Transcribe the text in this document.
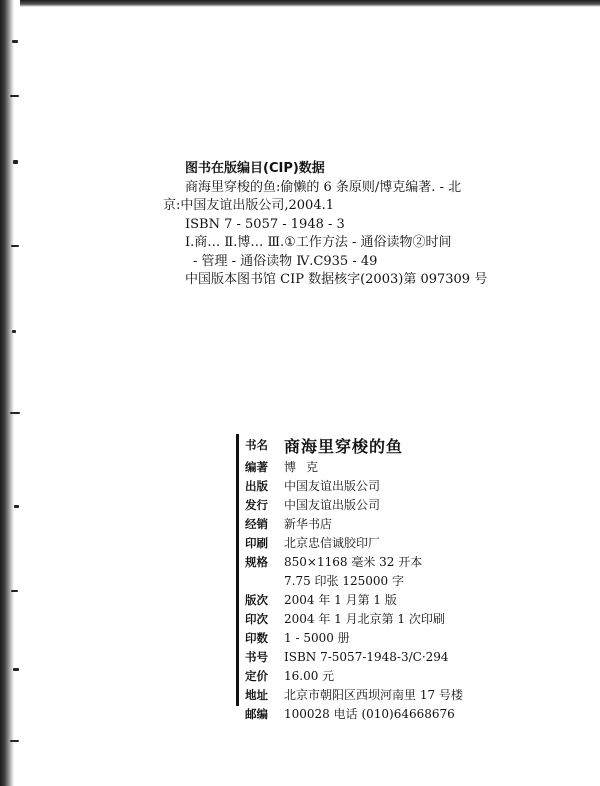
图书在版编目(CIP)数据
商海里穿梭的鱼:偷懒的 6 条原则/博克编著. - 北
京:中国友谊出版公司,2004.1
ISBN 7 - 5057 - 1948 - 3
Ⅰ.商… Ⅱ.博… Ⅲ.①工作方法 - 通俗读物②时间
- 管理 - 通俗读物 Ⅳ.C935 - 49
中国版本图书馆 CIP 数据核字(2003)第 097309 号
书名	商海里穿梭的鱼
编著	博克
出版	中国友谊出版公司
发行	中国友谊出版公司
经销	新华书店
印刷	北京忠信诚胶印厂
规格	850×1168 毫米 32 开本
7.75 印张 125000 字
版次	2004 年 1 月第 1 版
印次	2004 年 1 月北京第 1 次印刷
印数	1 - 5000 册
书号	ISBN 7-5057-1948-3/C·294
定价	16.00 元
地址	北京市朝阳区西坝河南里 17 号楼
邮编	100028 电话 (010)64668676
